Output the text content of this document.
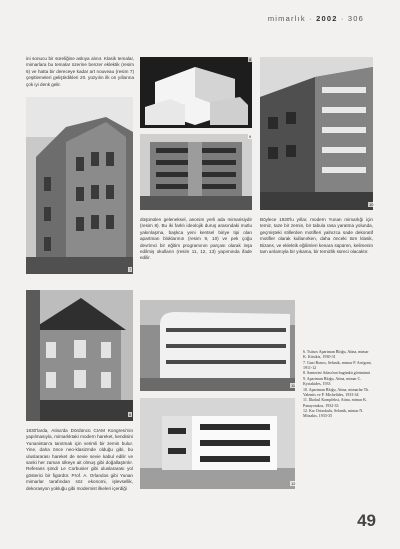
mimarlık · 2002 · 306

ini sonucu bir süreliğine askıya alınır. Klasik temalar, mimarlara bu temalar üzerine benzer eklektik (resim 6) ve hatta bir dereceye kadar art nouveau (resim 7) çeşitlemeleri geliştirdikleri 20. yüzyılın ilk on yıllarına çok iyi denk gelir.

7
8
9

düşünülen geleneksel, anonim yerli ada mimarisiydir (resim 8). Bu iki farklı ideolojik duruş arasındaki mutlu yakınlaşma, başkca yeni kentsel biriye tipi olan apartman bloklarının (resim 9, 10) ve pek çoğu devrimci bir eğitim programının parçası olarak inşa edilmiş okulların (resim 11, 12, 13) yapımında ifade edilir.

Böylece 1930'lu yıllar, modern Yunan mimarlığı için temiz, tazе bir zemin, bir tabula rasa yaratma yolunda, geçmişteki stillerden motifleri yalnızca sade dekoratif motifler olarak kullanırken, daha önceki tüm klasik, Bizans, ve eklektik eğilimleri kenara süpüren, kelimenin tam anlamıyla bir yıkama, bir temizlik süreci olacaktır.

6
11
12

1930'larda, Atina'da Dördüncü CIAM Kongresi'nin yapılmasıyla, mimarlıktaki modern hareket, kendisini Yunanistan'a tanıtmak için verimli bir zemin bulur. Yine, daha önce neo-klasizmde olduğu gibi, bu uluslararası hareket de sevie sevie kabul edilir ve sanki her zaman ülkeye ait olmuş gibi doğallaştırılır. Referans şimdi Le Corbusier gibi uluslararası yol gösterici bir figürdür. Prof. A. Orlandos gibi Yunan mimarlar tarafından söz ekonomi, işlevsellik, dekorasyon yokluğu gibi modernist ilkeleri içerdiği

6. Tsitsos Apartman Bloğu, Atina, mimar K. Kitsikis, 1930-31
7. Gazi Bonos, Selanik, mimar P. Arrigoni, 1911-12
8. Santorini Adası'nın bugünkü görünümü
9. Apartman Bloğu, Atina, mimar C. Kyriakides, 1933
10. Apartman Bloğu, Atina, mimarlar Th. Valentis ve P. Michelides, 1933-34
11. İlkokul Kompleksi, Atina, mimar K. Panayotakos, 1932-33
12. Kız Ortaokulu, Selanik, mimar N. Mitsakis, 1933-35
10
49
